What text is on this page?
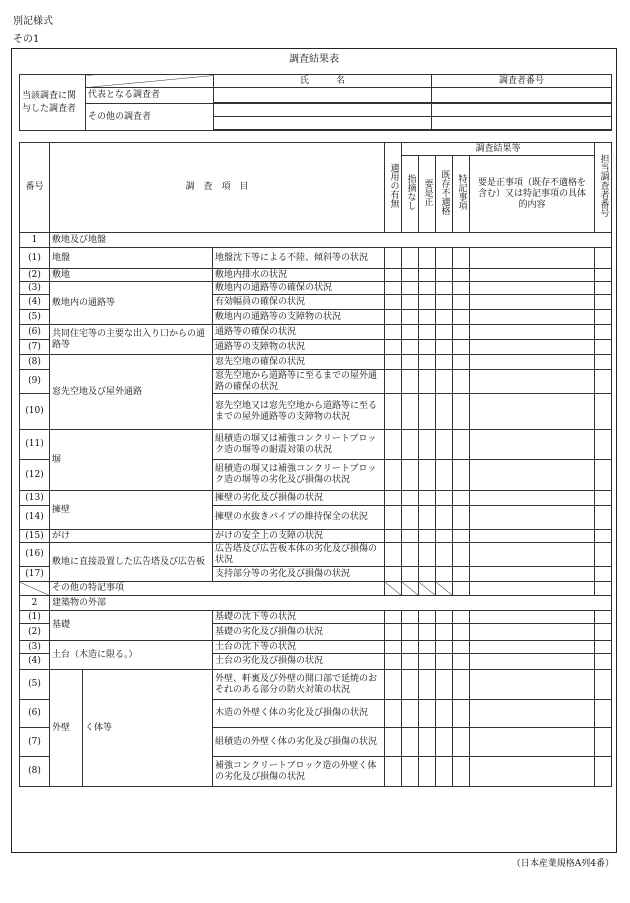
別記様式
その1
調査結果表
当該調査に関与した調査者		氏　　　名	調査者番号
	代表となる調査者		

	その他の調査者		

番号	調　査　項　目			適用の有無	調査結果等					担当調査者番号
					指摘なし	要是正	既存不適格	特記事項	要是正事項（既存不適格を含む）又は特記事項の具体的内容	
1	敷地及び地盤									
(1)	地盤		地盤沈下等による不陸、傾斜等の状況							
(2)	敷地		敷地内排水の状況							
(3)	敷地内の通路等		敷地内の通路等の確保の状況							
(4)			有効幅員の確保の状況							
(5)			敷地内の通路等の支障物の状況							
(6)	共同住宅等の主要な出入り口からの通路等		通路等の確保の状況							
(7)			通路等の支障物の状況							
(8)	窓先空地及び屋外通路		窓先空地の確保の状況							
(9)			窓先空地から道路等に至るまでの屋外通路の確保の状況							
(10)			窓先空地又は窓先空地から道路等に至るまでの屋外通路等の支障物の状況							
(11)	塀		組積造の塀又は補強コンクリートブロック造の塀等の耐震対策の状況							
(12)			組積造の塀又は補強コンクリートブロック造の塀等の劣化及び損傷の状況							
(13)	擁壁		擁壁の劣化及び損傷の状況							
(14)			擁壁の水抜きパイプの維持保全の状況							
(15)	がけ		がけの安全上の支障の状況							
(16)	敷地に直接設置した広告塔及び広告板		広告塔及び広告板本体の劣化及び損傷の状況							
(17)			支持部分等の劣化及び損傷の状況							
	その他の特記事項									
2	建築物の外部									
(1)	基礎		基礎の沈下等の状況							
(2)			基礎の劣化及び損傷の状況							
(3)	土台（木造に限る。）		土台の沈下等の状況							
(4)			土台の劣化及び損傷の状況							
(5)	外壁	く体等	外壁、軒裏及び外壁の開口部で延焼のおそれのある部分の防火対策の状況							
(6)			木造の外壁く体の劣化及び損傷の状況							
(7)			組積造の外壁く体の劣化及び損傷の状況							
(8)			補強コンクリートブロック造の外壁く体の劣化及び損傷の状況							
（日本産業規格A列4番）
